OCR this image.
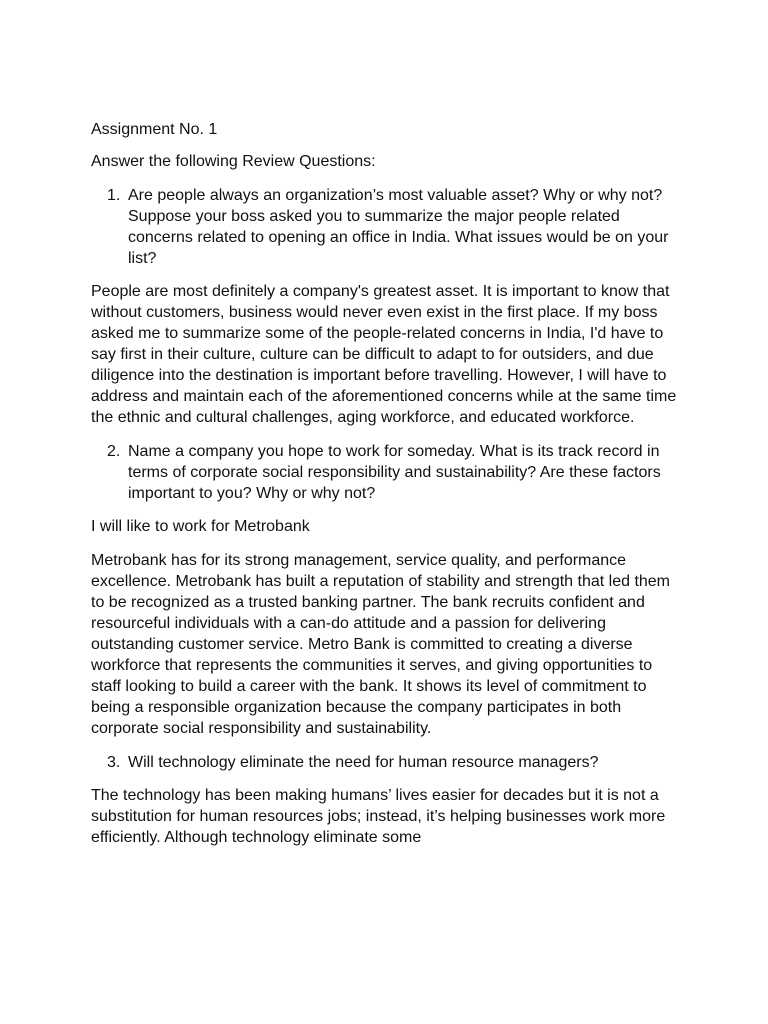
Assignment No. 1

Answer the following Review Questions:

1. Are people always an organization’s most valuable asset? Why or why not? Suppose your boss asked you to summarize the major people related concerns related to opening an office in India. What issues would be on your list?

People are most definitely a company's greatest asset. It is important to know that without customers, business would never even exist in the first place. If my boss asked me to summarize some of the people-related concerns in India, I'd have to say first in their culture, culture can be difficult to adapt to for outsiders, and due diligence into the destination is important before travelling. However, I will have to address and maintain each of the aforementioned concerns while at the same time the ethnic and cultural challenges, aging workforce, and educated workforce.

2. Name a company you hope to work for someday. What is its track record in terms of corporate social responsibility and sustainability? Are these factors important to you? Why or why not?

I will like to work for Metrobank

Metrobank has for its strong management, service quality, and performance excellence. Metrobank has built a reputation of stability and strength that led them to be recognized as a trusted banking partner. The bank recruits confident and resourceful individuals with a can-do attitude and a passion for delivering outstanding customer service. Metro Bank is committed to creating a diverse workforce that represents the communities it serves, and giving opportunities to staff looking to build a career with the bank. It shows its level of commitment to being a responsible organization because the company participates in both corporate social responsibility and sustainability.

3. Will technology eliminate the need for human resource managers?

The technology has been making humans’ lives easier for decades but it is not a substitution for human resources jobs; instead, it’s helping businesses work more efficiently. Although technology eliminate some
